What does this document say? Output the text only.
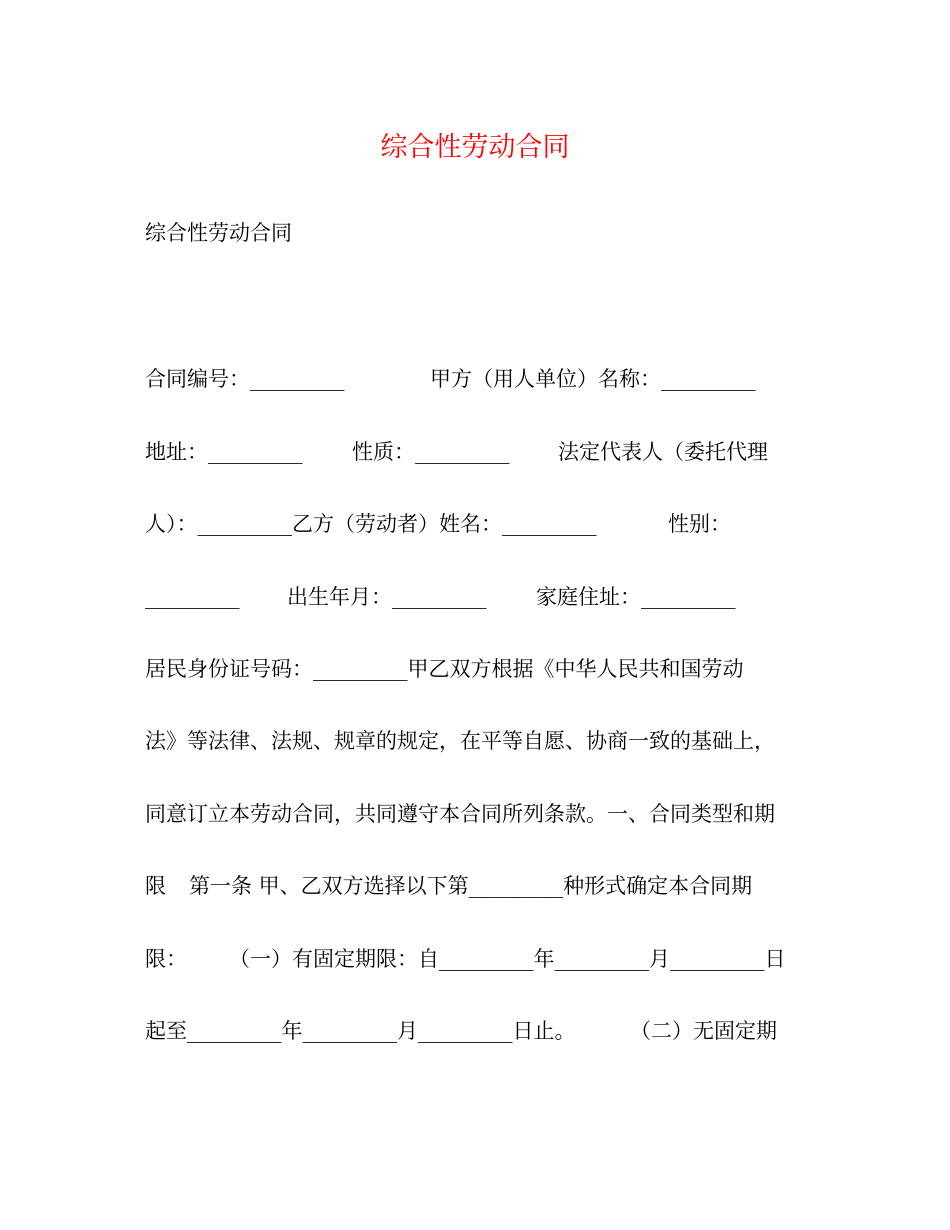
综合性劳动合同
综合性劳动合同

合同编号：_________

	甲方（用人单位）名称：_________

地址：_________

性质：_________

法定代表人（委托代理

人）：_________乙方（劳动者）姓名：_________

	性别：

_________

出生年月：_________

家庭住址：_________

居民身份证号码：_________甲乙双方根据《中华人民共和国劳动

法》等法律、法规、规章的规定，在平等自愿、协商一致的基础上，

同意订立本劳动合同，共同遵守本合同所列条款。一、合同类型和期

限

第一条 甲、乙双方选择以下第_________种形式确定本合同期

限：

（一）有固定期限：自_________年_________月_________日

起至_________年_________月_________日止。

	（二）无固定期
